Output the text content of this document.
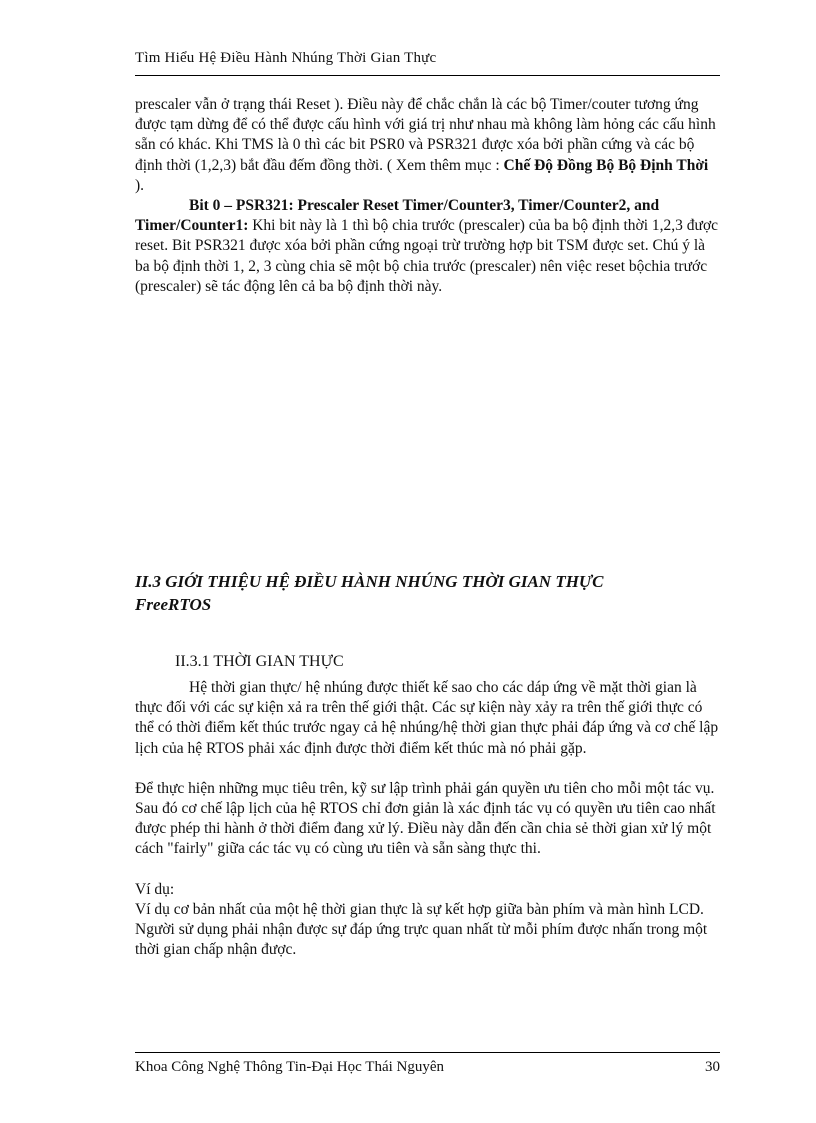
Tìm Hiểu Hệ Điều Hành Nhúng Thời Gian Thực

prescaler vẫn ở trạng thái Reset ). Điều này để chắc chắn là các bộ Timer/couter tương ứng được tạm dừng để có thể được cấu hình với giá trị như nhau mà không làm hỏng các cấu hình sẵn có khác. Khi TMS là 0 thì các bit PSR0 và PSR321 được xóa bởi phần cứng và các bộ định thời (1,2,3) bắt đầu đếm đồng thời. ( Xem thêm mục : Chế Độ Đồng Bộ Bộ Định Thời ).

Bit 0 – PSR321: Prescaler Reset Timer/Counter3, Timer/Counter2, and Timer/Counter1: Khi bit này là 1 thì bộ chia trước (prescaler) của ba bộ định thời 1,2,3 được reset. Bit PSR321 được xóa bởi phần cứng ngoại trừ trường hợp bit TSM được set. Chú ý là ba bộ định thời 1, 2, 3 cùng chia sẽ một bộ chia trước (prescaler) nên việc reset bộchia trước (prescaler) sẽ tác động lên cả ba bộ định thời này.

II.3 GIỚI THIỆU HỆ ĐIỀU HÀNH NHÚNG THỜI GIAN THỰC
FreeRTOS
II.3.1 THỜI GIAN THỰC

Hệ thời gian thực/ hệ nhúng được thiết kế sao cho các dáp ứng về mặt thời gian là thực đối với các sự kiện xả ra trên thế giới thật. Các sự kiện này xảy ra trên thế giới thực có thể có thời điểm kết thúc trước ngay cả hệ nhúng/hệ thời gian thực phải đáp ứng và cơ chế lập lịch của hệ RTOS phải xác định được thời điểm kết thúc mà nó phải gặp.

Để thực hiện những mục tiêu trên, kỹ sư lập trình phải gán quyền ưu tiên cho mỗi một tác vụ. Sau đó cơ chế lập lịch của hệ RTOS chỉ đơn giản là xác định tác vụ có quyền ưu tiên cao nhất được phép thi hành ở thời điểm đang xử lý. Điều này dẫn đến cần chia sẻ thời gian xử lý một cách "fairly" giữa các tác vụ có cùng ưu tiên và sẵn sàng thực thi.

Ví dụ:

Ví dụ cơ bản nhất của một hệ thời gian thực là sự kết hợp giữa bàn phím và màn hình LCD. Người sử dụng phải nhận được sự đáp ứng trực quan nhất từ mỗi phím được nhấn trong một thời gian chấp nhận được.

Khoa Công Nghệ Thông Tin-Đại Học Thái Nguyên	30
